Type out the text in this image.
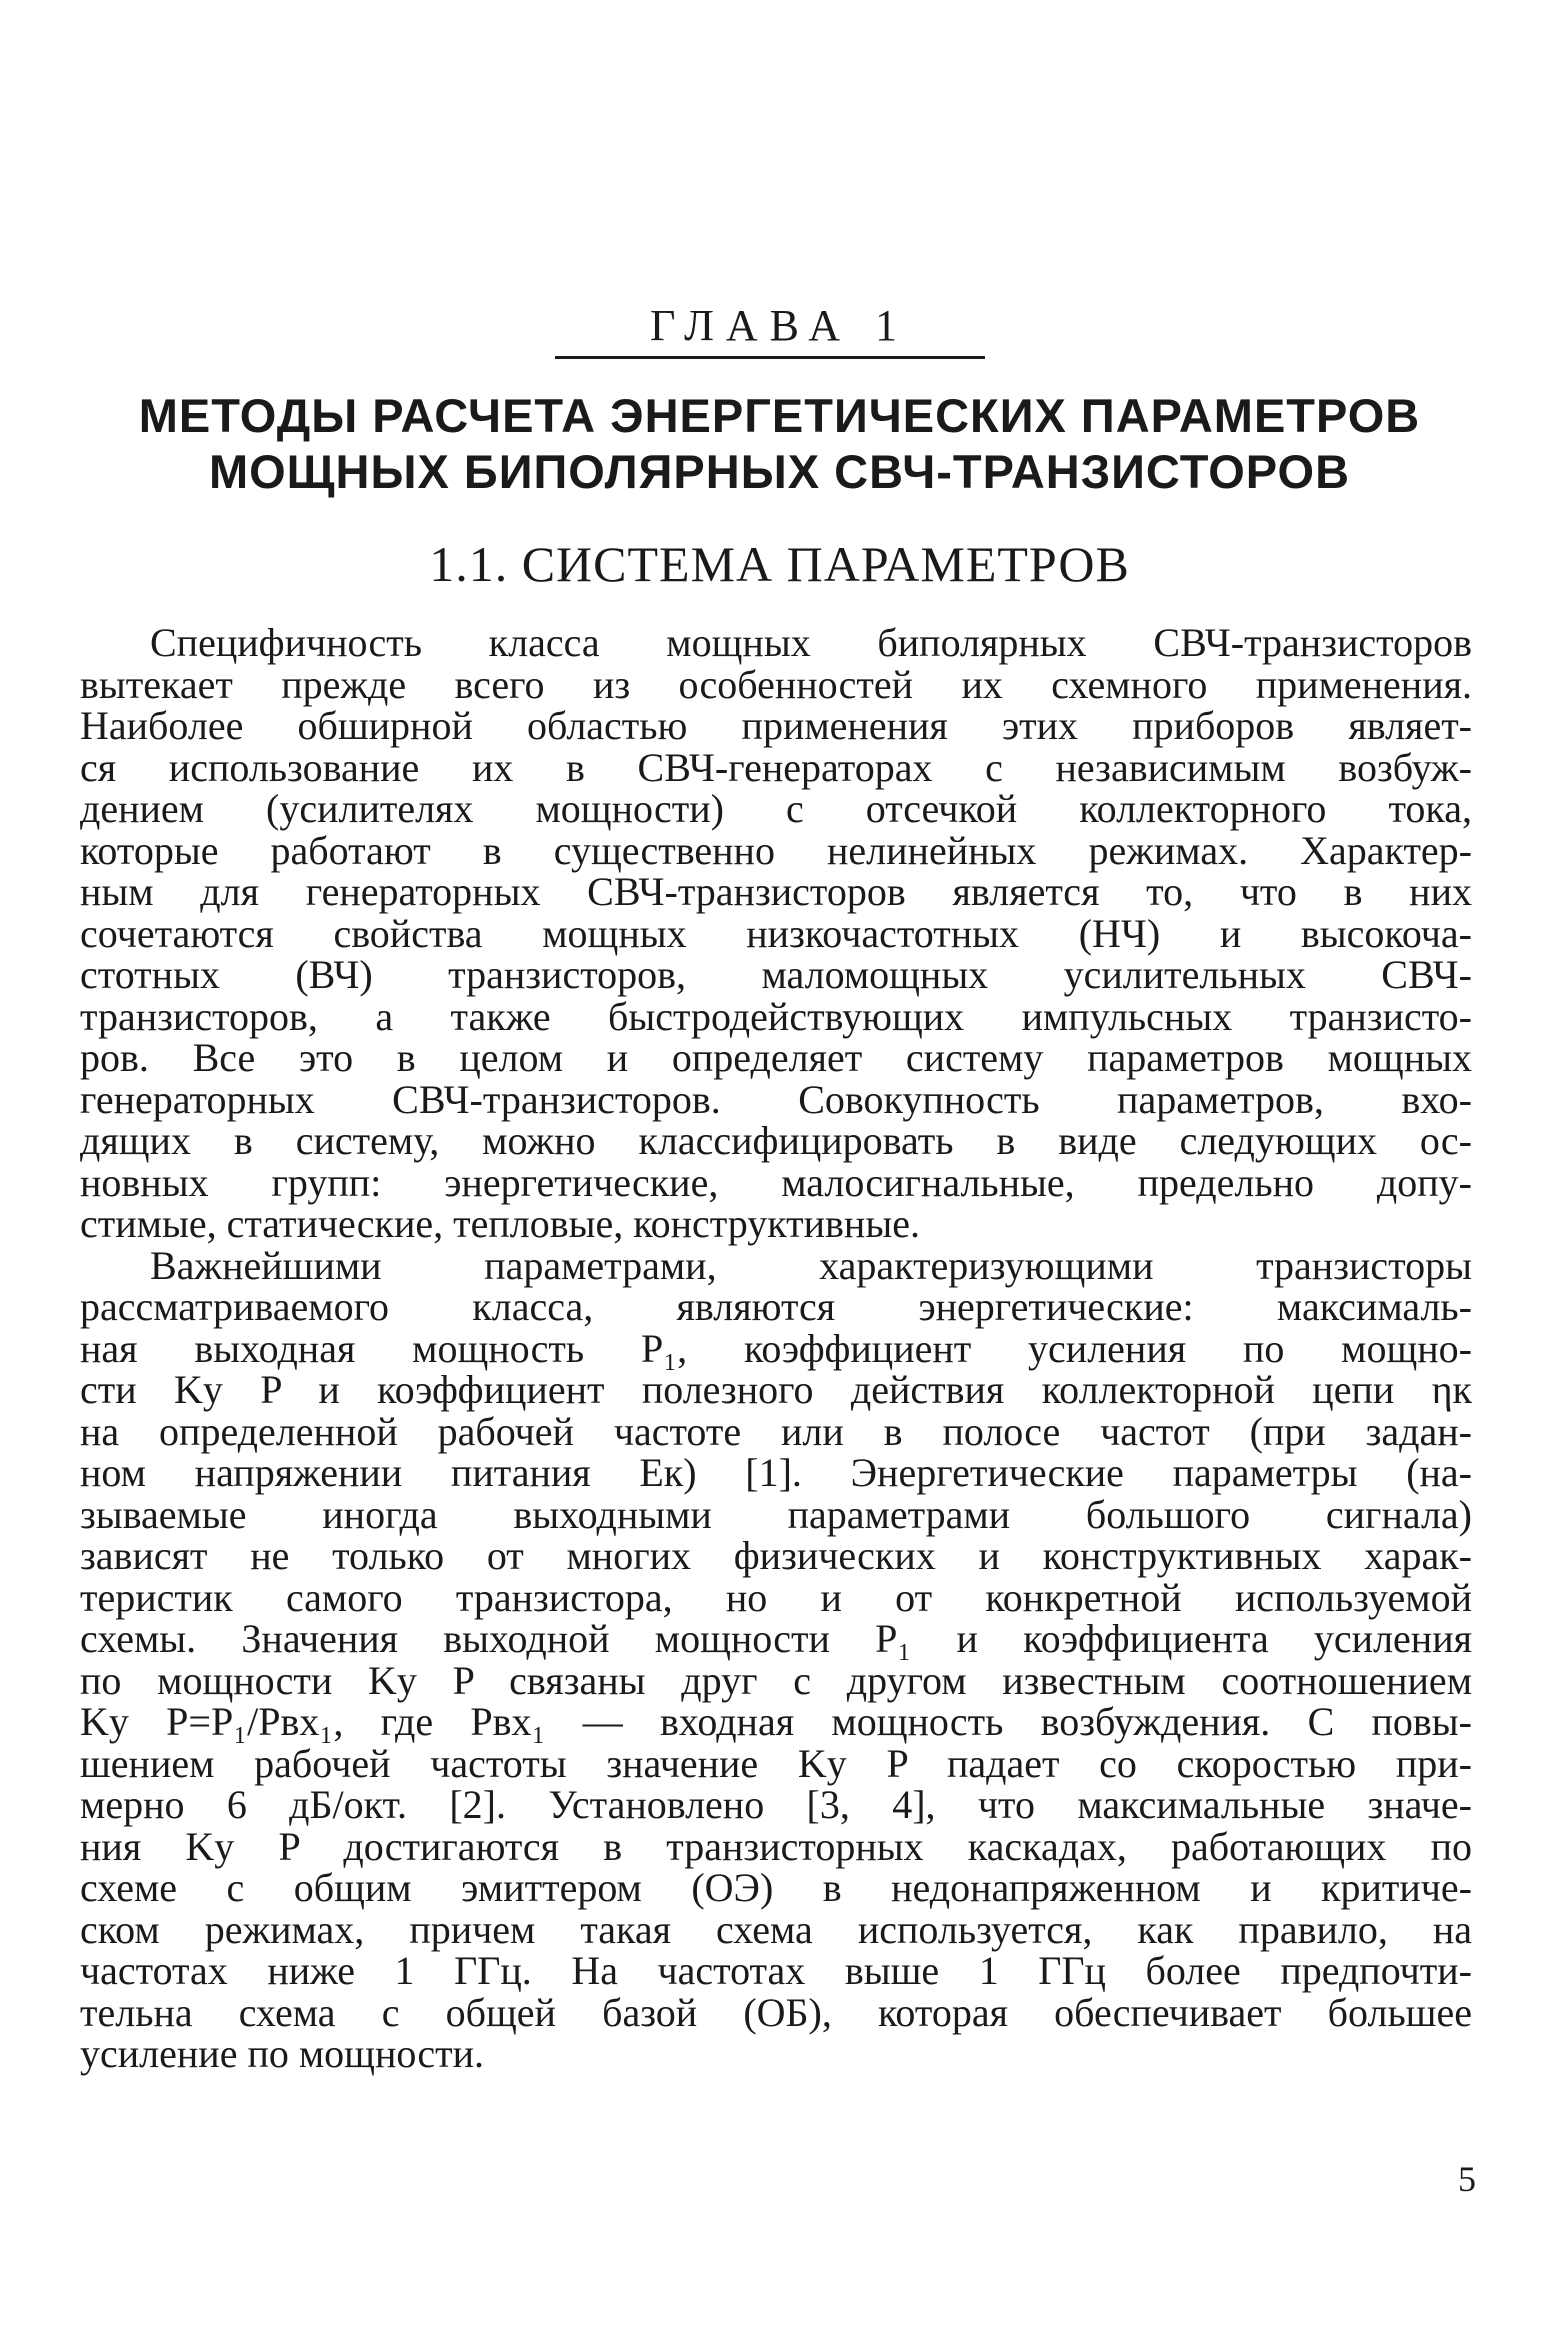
ГЛАВА 1
МЕТОДЫ РАСЧЕТА ЭНЕРГЕТИЧЕСКИХ ПАРАМЕТРОВ
МОЩНЫХ БИПОЛЯРНЫХ СВЧ-ТРАНЗИСТОРОВ
1.1. СИСТЕМА ПАРАМЕТРОВ
Специфичность класса мощных биполярных СВЧ-транзисторов
вытекает прежде всего из особенностей их схемного применения.
Наиболее обширной областью применения этих приборов являет-
ся использование их в СВЧ-генераторах с независимым возбуж-
дением (усилителях мощности) с отсечкой коллекторного тока,
которые работают в существенно нелинейных режимах. Характер-
ным для генераторных СВЧ-транзисторов является то, что в них
сочетаются свойства мощных низкочастотных (НЧ) и высокоча-
стотных (ВЧ) транзисторов, маломощных усилительных СВЧ-
транзисторов, а также быстродействующих импульсных транзисто-
ров. Все это в целом и определяет систему параметров мощных
генераторных СВЧ-транзисторов. Совокупность параметров, вхо-
дящих в систему, можно классифицировать в виде следующих ос-
новных групп: энергетические, малосигнальные, предельно допу-
стимые, статические, тепловые, конструктивные.
Важнейшими параметрами, характеризующими транзисторы
рассматриваемого класса, являются энергетические: максималь-
ная выходная мощность P₁, коэффициент усиления по мощно-
сти Kу P и коэффициент полезного действия коллекторной цепи ηк
на определенной рабочей частоте или в полосе частот (при задан-
ном напряжении питания Eк) [1]. Энергетические параметры (на-
зываемые иногда выходными параметрами большого сигнала)
зависят не только от многих физических и конструктивных харак-
теристик самого транзистора, но и от конкретной используемой
схемы. Значения выходной мощности P₁ и коэффициента усиления
по мощности Kу P связаны друг с другом известным соотношением
Kу P=P₁/Pвх₁, где Pвх₁ — входная мощность возбуждения. С повы-
шением рабочей частоты значение Kу P падает со скоростью при-
мерно 6 дБ/окт. [2]. Установлено [3, 4], что максимальные значе-
ния Kу P достигаются в транзисторных каскадах, работающих по
схеме с общим эмиттером (ОЭ) в недонапряженном и критиче-
ском режимах, причем такая схема используется, как правило, на
частотах ниже 1 ГГц. На частотах выше 1 ГГц более предпочти-
тельна схема с общей базой (ОБ), которая обеспечивает большее
усиление по мощности.
5
